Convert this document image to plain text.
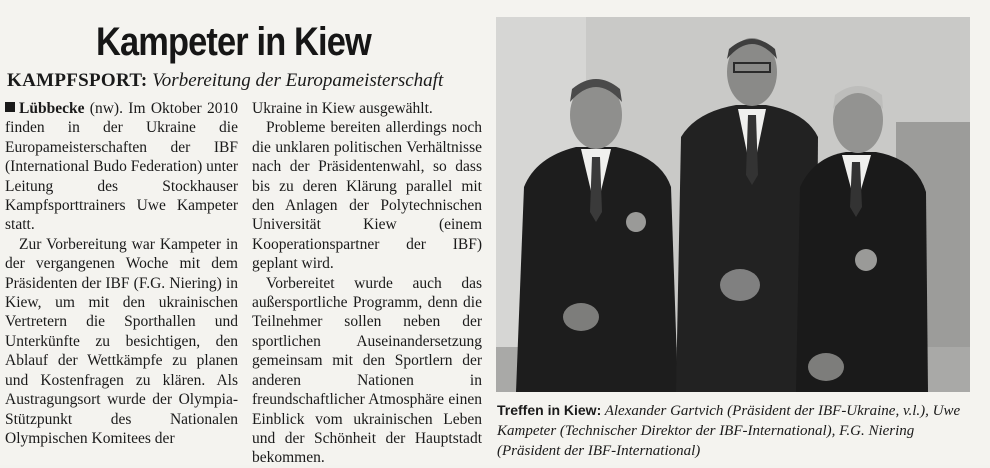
Kampeter in Kiew
KAMPFSPORT: Vorbereitung der Europameisterschaft

Lübbecke (nw). Im Oktober 2010 finden in der Ukraine die Europameisterschaften der IBF (International Budo Federation) unter Leitung des Stockhauser Kampfsporttrainers Uwe Kampeter statt.

Zur Vorbereitung war Kampeter in der vergangenen Woche mit dem Präsidenten der IBF (F.G. Niering) in Kiew, um mit den ukrainischen Vertretern die Sporthallen und Unterkünfte zu besichtigen, den Ablauf der Wettkämpfe zu planen und Kostenfragen zu klären. Als Austragungsort wurde der Olympia-Stützpunkt des Nationalen Olympischen Komitees der

Ukraine in Kiew ausgewählt.

Probleme bereiten allerdings noch die unklaren politischen Verhältnisse nach der Präsidentenwahl, so dass bis zu deren Klärung parallel mit den Anlagen der Polytechnischen Universität Kiew (einem Kooperationspartner der IBF) geplant wird.

Vorbereitet wurde auch das außersportliche Programm, denn die Teilnehmer sollen neben der sportlichen Auseinandersetzung gemeinsam mit den Sportlern der anderen Nationen in freundschaftlicher Atmosphäre einen Einblick vom ukrainischen Leben und der Schönheit der Hauptstadt bekommen.

Treffen in Kiew: Alexander Gartvich (Präsident der IBF-Ukraine, v.l.), Uwe Kampeter (Technischer Direktor der IBF-International), F.G. Niering (Präsident der IBF-International)
